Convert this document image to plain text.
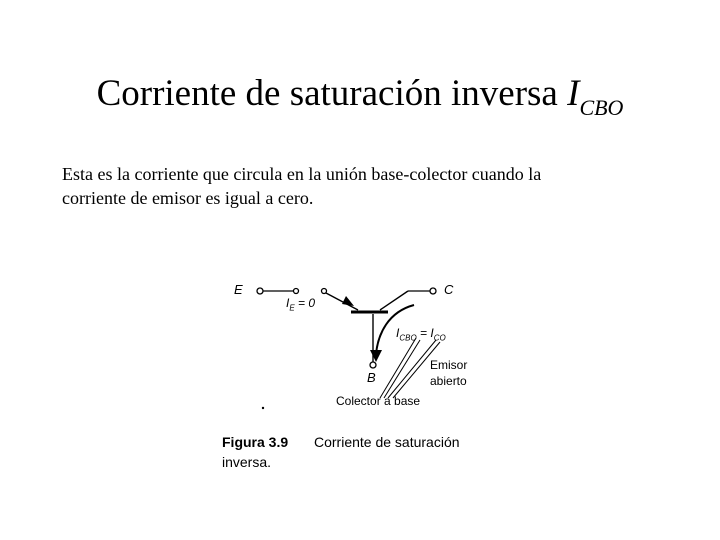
Corriente de saturación inversa $I_{CBO}$
Esta es la corriente que circula en la unión base-colector cuando la
corriente de emisor es igual a cero.
E	C
B
$I_E = 0$
$I_{CBO} = I_{CO}$
Emisor
abierto
Colector a base
Figura 3.9 Corriente de saturación
inversa.
